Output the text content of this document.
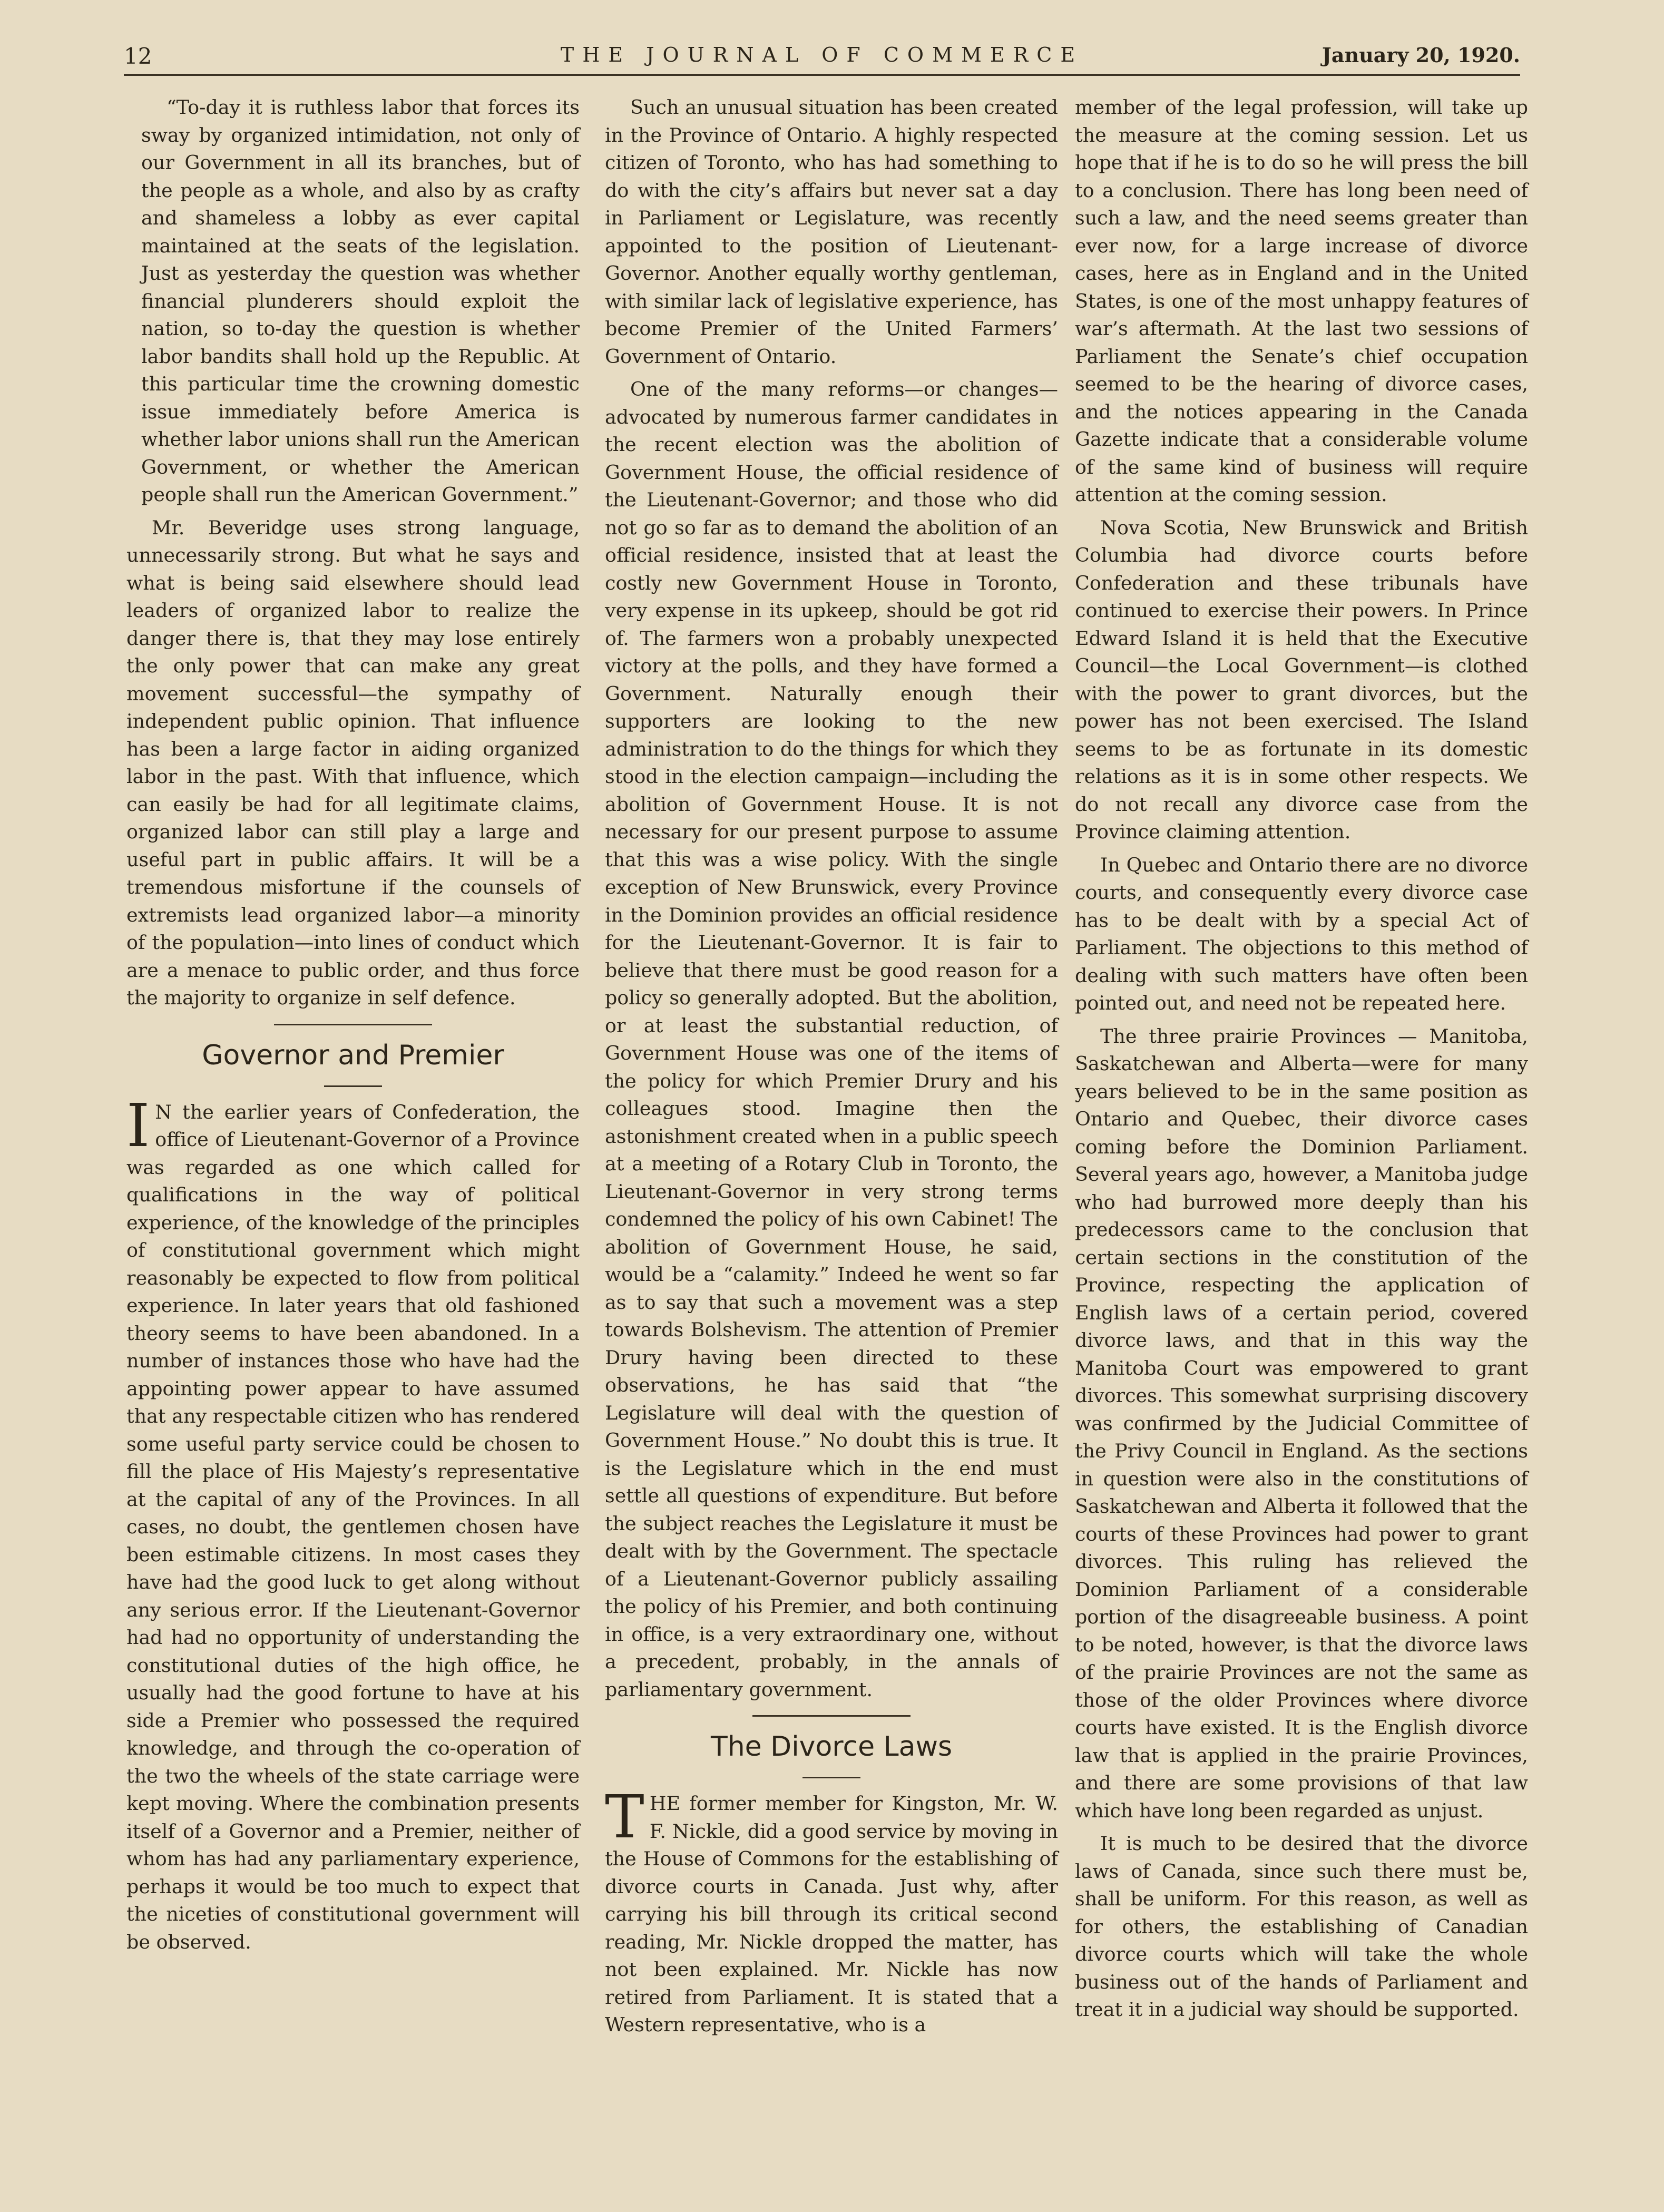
12	THE JOURNAL OF COMMERCE	January 20, 1920.

“To-day it is ruthless labor that forces its sway by organized intimidation, not only of our Government in all its branches, but of the people as a whole, and also by as crafty and shameless a lobby as ever capital maintained at the seats of the legislation. Just as yesterday the question was whether financial plunderers should exploit the nation, so to-day the question is whether labor bandits shall hold up the Republic. At this particular time the crowning domestic issue immediately before America is whether labor unions shall run the American Government, or whether the American people shall run the American Government.”

Mr. Beveridge uses strong language, unnecessarily strong. But what he says and what is being said elsewhere should lead leaders of organized labor to realize the danger there is, that they may lose entirely the only power that can make any great movement successful—the sympathy of independent public opinion. That influence has been a large factor in aiding organized labor in the past. With that influence, which can easily be had for all legitimate claims, organized labor can still play a large and useful part in public affairs. It will be a tremendous misfortune if the counsels of extremists lead organized labor—a minority of the population—into lines of conduct which are a menace to public order, and thus force the majority to organize in self defence.

Governor and Premier

IN the earlier years of Confederation, the office of Lieutenant-Governor of a Province was regarded as one which called for qualifications in the way of political experience, of the knowledge of the principles of constitutional government which might reasonably be expected to flow from political experience. In later years that old fashioned theory seems to have been abandoned. In a number of instances those who have had the appointing power appear to have assumed that any respectable citizen who has rendered some useful party service could be chosen to fill the place of His Majesty’s representative at the capital of any of the Provinces. In all cases, no doubt, the gentlemen chosen have been estimable citizens. In most cases they have had the good luck to get along without any serious error. If the Lieutenant-Governor had had no opportunity of understanding the constitutional duties of the high office, he usually had the good fortune to have at his side a Premier who possessed the required knowledge, and through the co-operation of the two the wheels of the state carriage were kept moving. Where the combination presents itself of a Governor and a Premier, neither of whom has had any parliamentary experience, perhaps it would be too much to expect that the niceties of constitutional government will be observed.

Such an unusual situation has been created in the Province of Ontario. A highly respected citizen of Toronto, who has had something to do with the city’s affairs but never sat a day in Parliament or Legislature, was recently appointed to the position of Lieutenant-Governor. Another equally worthy gentleman, with similar lack of legislative experience, has become Premier of the United Farmers’ Government of Ontario.

One of the many reforms—or changes—advocated by numerous farmer candidates in the recent election was the abolition of Government House, the official residence of the Lieutenant-Governor; and those who did not go so far as to demand the abolition of an official residence, insisted that at least the costly new Government House in Toronto, very expense in its upkeep, should be got rid of. The farmers won a probably unexpected victory at the polls, and they have formed a Government. Naturally enough their supporters are looking to the new administration to do the things for which they stood in the election campaign—including the abolition of Government House. It is not necessary for our present purpose to assume that this was a wise policy. With the single exception of New Brunswick, every Province in the Dominion provides an official residence for the Lieutenant-Governor. It is fair to believe that there must be good reason for a policy so generally adopted. But the abolition, or at least the substantial reduction, of Government House was one of the items of the policy for which Premier Drury and his colleagues stood. Imagine then the astonishment created when in a public speech at a meeting of a Rotary Club in Toronto, the Lieutenant-Governor in very strong terms condemned the policy of his own Cabinet! The abolition of Government House, he said, would be a “calamity.” Indeed he went so far as to say that such a movement was a step towards Bolshevism. The attention of Premier Drury having been directed to these observations, he has said that “the Legislature will deal with the question of Government House.” No doubt this is true. It is the Legislature which in the end must settle all questions of expenditure. But before the subject reaches the Legislature it must be dealt with by the Government. The spectacle of a Lieutenant-Governor publicly assailing the policy of his Premier, and both continuing in office, is a very extraordinary one, without a precedent, probably, in the annals of parliamentary government.

The Divorce Laws

THE former member for Kingston, Mr. W. F. Nickle, did a good service by moving in the House of Commons for the establishing of divorce courts in Canada. Just why, after carrying his bill through its critical second reading, Mr. Nickle dropped the matter, has not been explained. Mr. Nickle has now retired from Parliament. It is stated that a Western representative, who is a

member of the legal profession, will take up the measure at the coming session. Let us hope that if he is to do so he will press the bill to a conclusion. There has long been need of such a law, and the need seems greater than ever now, for a large increase of divorce cases, here as in England and in the United States, is one of the most unhappy features of war’s aftermath. At the last two sessions of Parliament the Senate’s chief occupation seemed to be the hearing of divorce cases, and the notices appearing in the Canada Gazette indicate that a considerable volume of the same kind of business will require attention at the coming session.

Nova Scotia, New Brunswick and British Columbia had divorce courts before Confederation and these tribunals have continued to exercise their powers. In Prince Edward Island it is held that the Executive Council—the Local Government—is clothed with the power to grant divorces, but the power has not been exercised. The Island seems to be as fortunate in its domestic relations as it is in some other respects. We do not recall any divorce case from the Province claiming attention.

In Quebec and Ontario there are no divorce courts, and consequently every divorce case has to be dealt with by a special Act of Parliament. The objections to this method of dealing with such matters have often been pointed out, and need not be repeated here.

The three prairie Provinces — Manitoba, Saskatchewan and Alberta—were for many years believed to be in the same position as Ontario and Quebec, their divorce cases coming before the Dominion Parliament. Several years ago, however, a Manitoba judge who had burrowed more deeply than his predecessors came to the conclusion that certain sections in the constitution of the Province, respecting the application of English laws of a certain period, covered divorce laws, and that in this way the Manitoba Court was empowered to grant divorces. This somewhat surprising discovery was confirmed by the Judicial Committee of the Privy Council in England. As the sections in question were also in the constitutions of Saskatchewan and Alberta it followed that the courts of these Provinces had power to grant divorces. This ruling has relieved the Dominion Parliament of a considerable portion of the disagreeable business. A point to be noted, however, is that the divorce laws of the prairie Provinces are not the same as those of the older Provinces where divorce courts have existed. It is the English divorce law that is applied in the prairie Provinces, and there are some provisions of that law which have long been regarded as unjust.

It is much to be desired that the divorce laws of Canada, since such there must be, shall be uniform. For this reason, as well as for others, the establishing of Canadian divorce courts which will take the whole business out of the hands of Parliament and treat it in a judicial way should be supported.
